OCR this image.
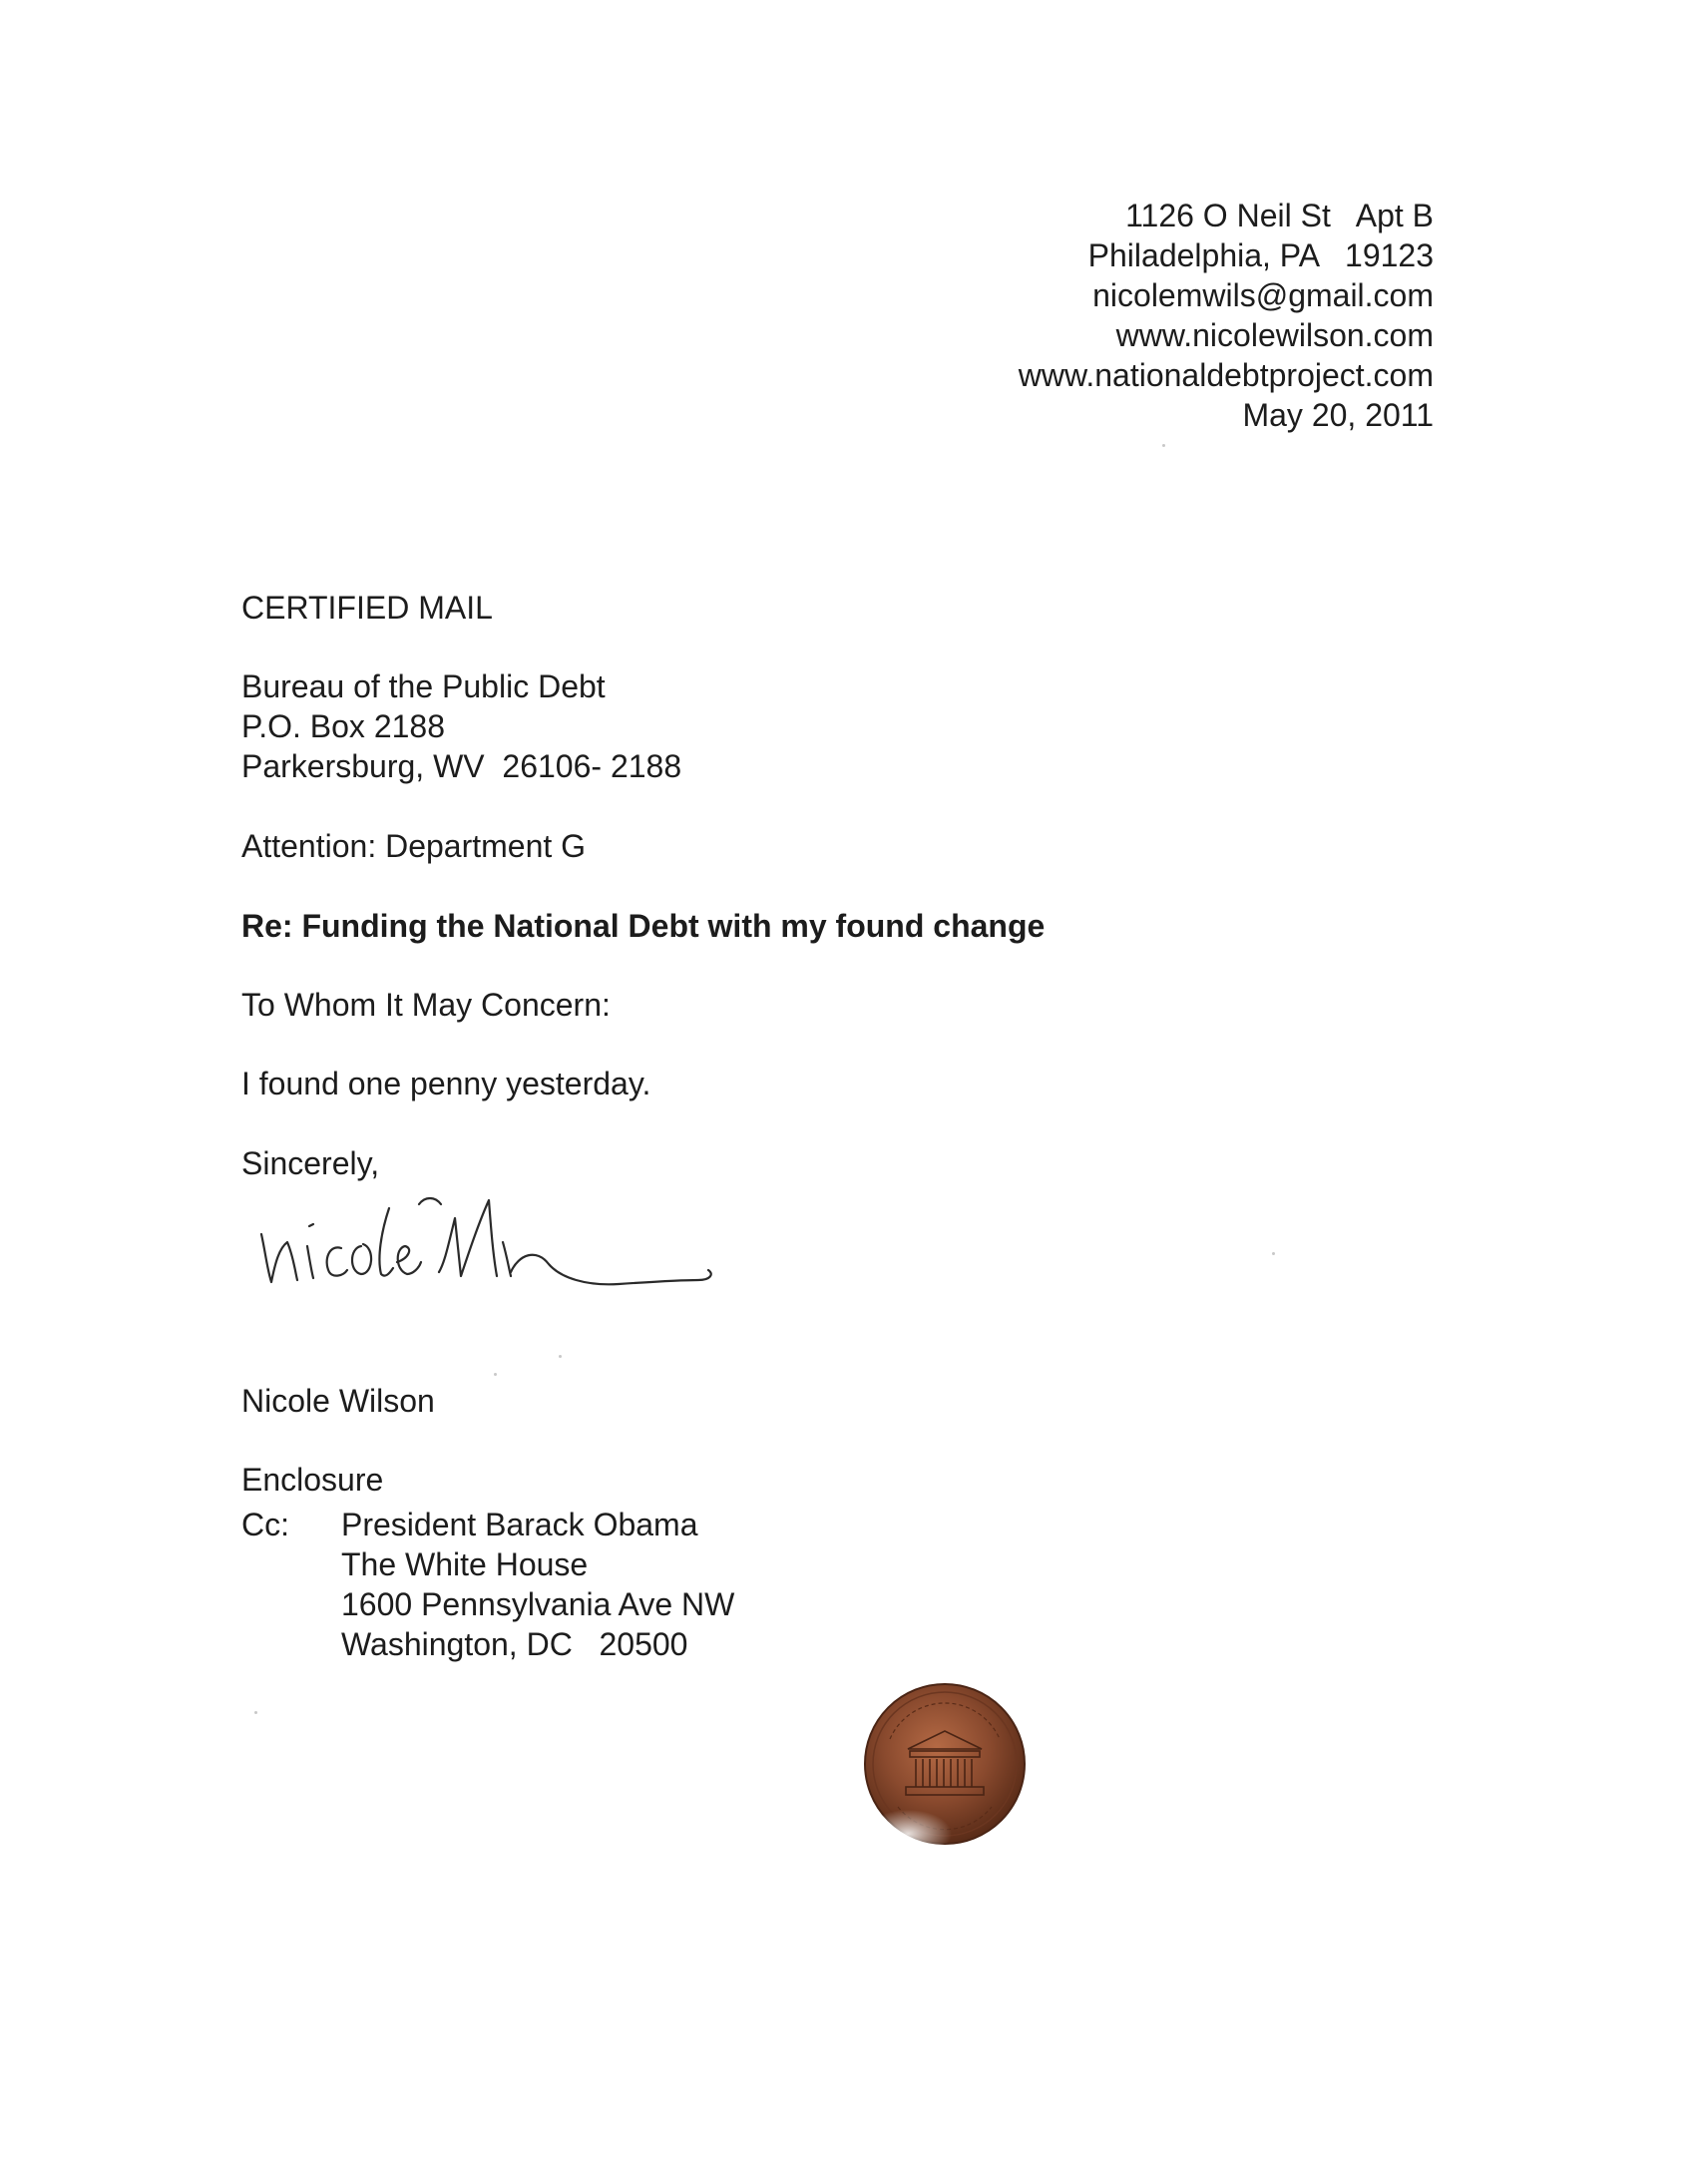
1126 O Neil St   Apt B
Philadelphia, PA   19123
nicolemwils@gmail.com
www.nicolewilson.com
www.nationaldebtproject.com
May 20, 2011
CERTIFIED MAIL
Bureau of the Public Debt
P.O. Box 2188
Parkersburg, WV  26106- 2188
Attention: Department G
Re: Funding the National Debt with my found change
To Whom It May Concern:
I found one penny yesterday.
Sincerely,
Nicole Wilson
Enclosure
Cc: President Barack Obama
The White House
1600 Pennsylvania Ave NW
Washington, DC   20500
